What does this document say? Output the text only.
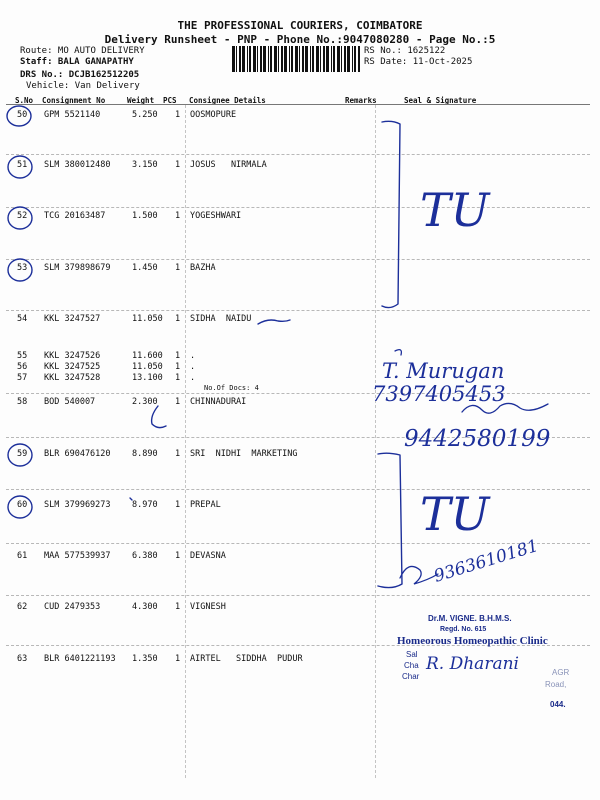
THE PROFESSIONAL COURIERS, COIMBATORE
Delivery Runsheet - PNP - Phone No.:9047080280 - Page No.:5
Route: MO AUTO DELIVERY
Staff: BALA GANAPATHY
DRS No.: DCJB162512205
Vehicle: Van Delivery
RS No.: 1625122
RS Date: 11-Oct-2025
S.No Consignment No	Weight PCS Consignee Details	Remarks	Seal & Signature
50 GPM 5521140	5.250 1 OOSMOPURE
51 SLM 380012480	3.150 1 JOSUS   NIRMALA
52 TCG 20163487	1.500 1 YOGESHWARI
53 SLM 379898679	1.450 1 BAZHA
54 KKL 3247527	11.050 1 SIDHA  NAIDU
55 KKL 3247526	11.600 1 .
56 KKL 3247525	11.050 1 .
57 KKL 3247528	13.100 1 .
No.Of Docs: 4
58 BOD 540007	2.300 1 CHINNADURAI
59 BLR 690476120	8.890 1 SRI  NIDHI  MARKETING
60 SLM 379969273	8.970 1 PREPAL
61 MAA 577539937	6.380 1 DEVASNA
62 CUD 2479353	4.300 1 VIGNESH
63 BLR 6401221193 1.350 1 AIRTEL   SIDDHA  PUDUR
TU
TU
T. Murugan
7397405453
9442580199
9363610181
Dr.M. VIGNE. B.H.M.S.
Regd. No. 615
Homeorous Homeopathic Clinic
Sal
Cha
Char	AGR
Road,
044.
R. Dharani
